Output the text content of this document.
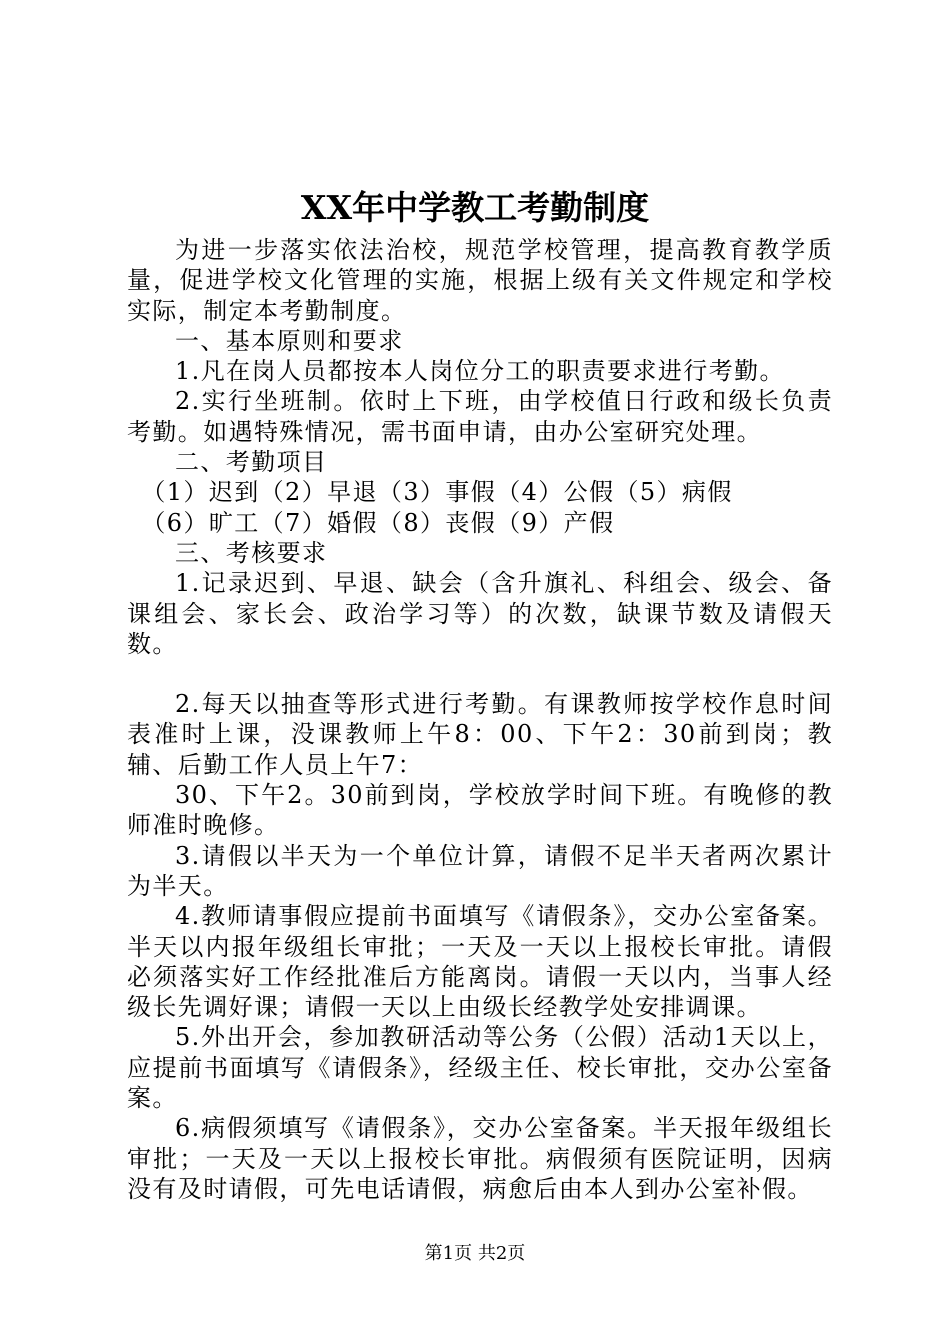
XX年中学教工考勤制度

为进一步落实依法治校，规范学校管理，提高教育教学质量，促进学校文化管理的实施，根据上级有关文件规定和学校实际，制定本考勤制度。

一、基本原则和要求

1.凡在岗人员都按本人岗位分工的职责要求进行考勤。

2.实行坐班制。依时上下班，由学校值日行政和级长负责考勤。如遇特殊情况，需书面申请，由办公室研究处理。

二、考勤项目

（1）迟到（2）早退（3）事假（4）公假（5）病假

（6）旷工（7）婚假（8）丧假（9）产假

三、考核要求

1.记录迟到、早退、缺会（含升旗礼、科组会、级会、备课组会、家长会、政治学习等）的次数，缺课节数及请假天数。

2.每天以抽查等形式进行考勤。有课教师按学校作息时间表准时上课，没课教师上午8：00、下午2：30前到岗；教辅、后勤工作人员上午7：

30、下午2。30前到岗，学校放学时间下班。有晚修的教师准时晚修。

3.请假以半天为一个单位计算，请假不足半天者两次累计为半天。

4.教师请事假应提前书面填写《请假条》，交办公室备案。半天以内报年级组长审批；一天及一天以上报校长审批。请假必须落实好工作经批准后方能离岗。请假一天以内，当事人经级长先调好课；请假一天以上由级长经教学处安排调课。

5.外出开会，参加教研活动等公务（公假）活动1天以上，应提前书面填写《请假条》，经级主任、校长审批，交办公室备案。

6.病假须填写《请假条》，交办公室备案。半天报年级组长审批；一天及一天以上报校长审批。病假须有医院证明，因病没有及时请假，可先电话请假，病愈后由本人到办公室补假。

第1页 共2页
